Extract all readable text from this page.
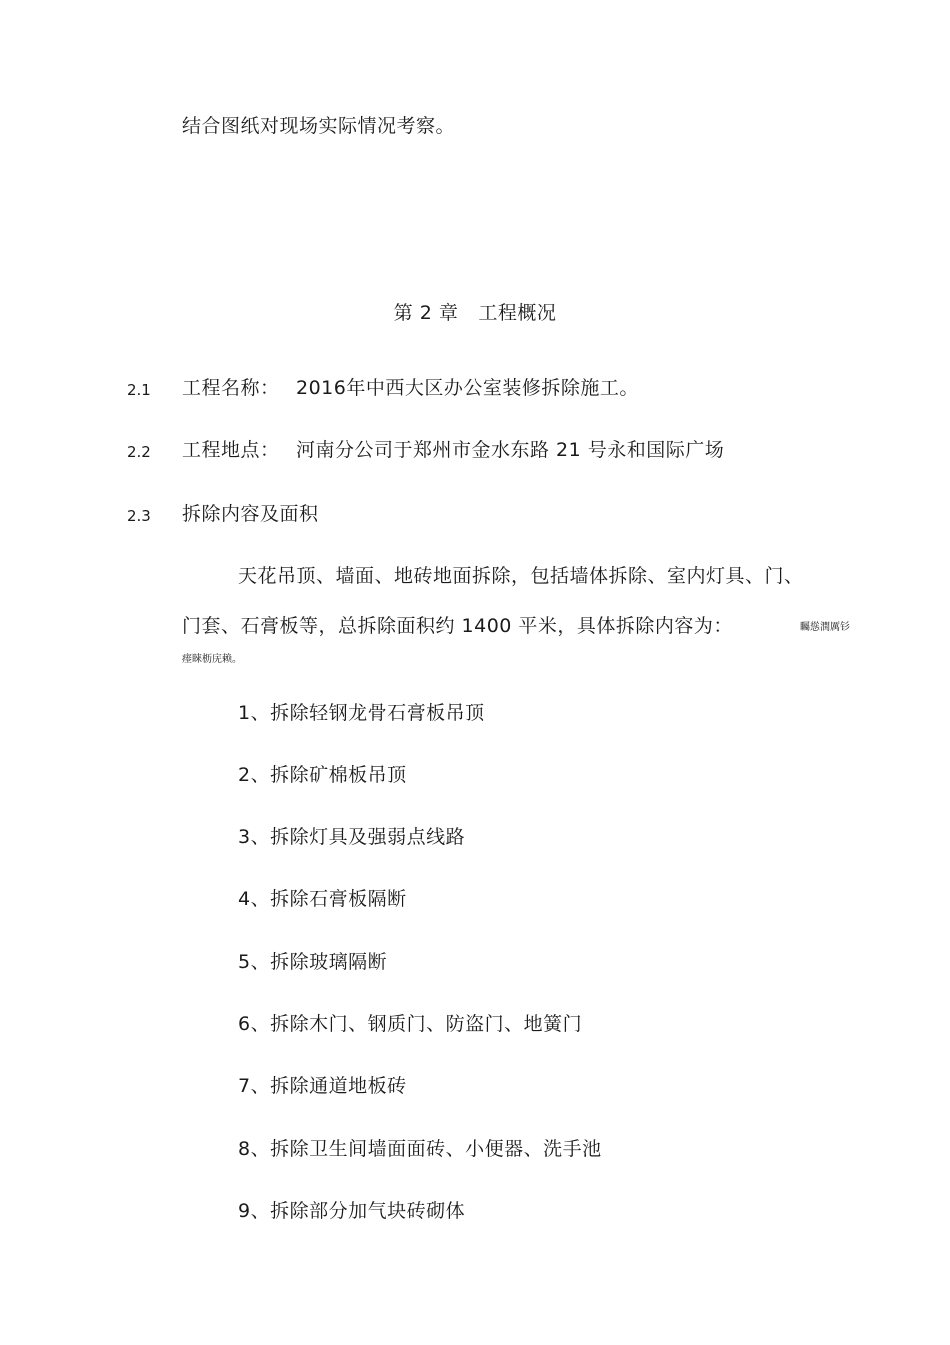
结合图纸对现场实际情况考察。
第 2 章 工程概况
2.1 工程名称： 2016年中西大区办公室装修拆除施工。
2.2 工程地点： 河南分公司于郑州市金水东路 21 号永和国际广场
2.3 拆除内容及面积
天花吊顶、墙面、地砖地面拆除，包括墙体拆除、室内灯具、门、
门套、石膏板等，总拆除面积约 1400 平米，具体拆除内容为：	矚慫潤厲钐
瘗睞枥庑赖。
1、拆除轻钢龙骨石膏板吊顶
2、拆除矿棉板吊顶
3、拆除灯具及强弱点线路
4、拆除石膏板隔断
5、拆除玻璃隔断
6、拆除木门、钢质门、防盗门、地簧门
7、拆除通道地板砖
8、拆除卫生间墙面面砖、小便器、洗手池
9、拆除部分加气块砖砌体
